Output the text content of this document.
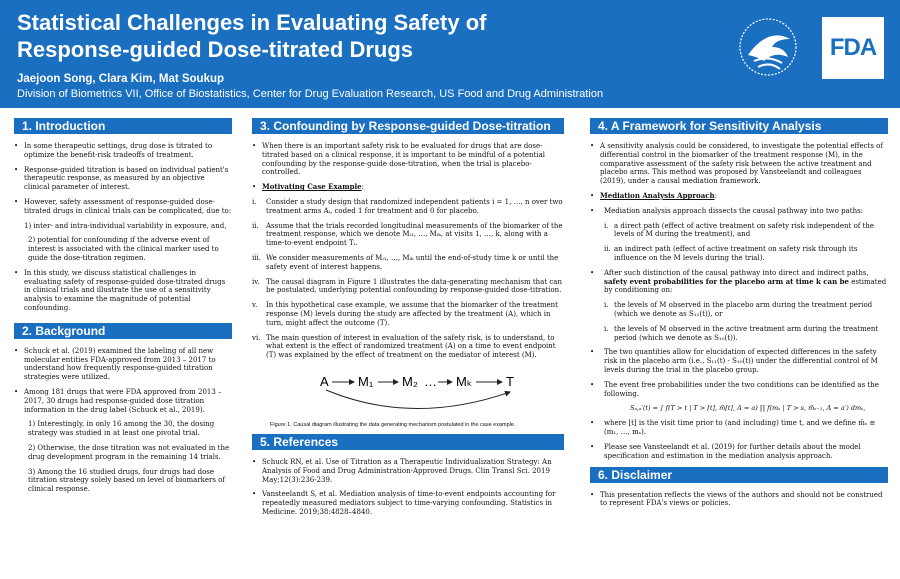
Statistical Challenges in Evaluating Safety of
Response-guided Dose-titrated Drugs
Jaejoon Song, Clara Kim, Mat Soukup
Division of Biometrics VII, Office of Biostatistics, Center for Drug Evaluation Research, US Food and Drug Administration
FDA
1. Introduction
• In some therapeutic settings, drug dose is titrated to optimize the benefit-risk tradeoffs of treatment.
• Response-guided titration is based on individual patient's therapeutic response, as measured by an objective clinical parameter of interest.
• However, safety assessment of response-guided dose-titrated drugs in clinical trials can be complicated, due to:
1) inter- and intra-individual variability in exposure, and,
2) potential for confounding if the adverse event of interest is associated with the clinical marker used to guide the dose-titration regimen.
• In this study, we discuss statistical challenges in evaluating safety of response-guided dose-titrated drugs in clinical trials and illustrate the use of a sensitivity analysis to examine the magnitude of potential confounding.
2. Background
• Schuck et al. (2019) examined the labeling of all new molecular entities FDA-approved from 2013 – 2017 to understand how frequently response-guided titration strategies were utilized.
• Among 181 drugs that were FDA approved from 2013 – 2017, 30 drugs had response-guided dose titration information in the drug label (Schuck et al., 2019).
1) Interestingly, in only 16 among the 30, the dosing strategy was studied in at least one pivotal trial.
2) Otherwise, the dose titration was not evaluated in the drug development program in the remaining 14 trials.
3) Among the 16 studied drugs, four drugs had dose titration strategy solely based on level of biomarkers of clinical response.
3. Confounding by Response-guided Dose-titration
• When there is an important safety risk to be evaluated for drugs that are dose-titrated based on a clinical response, it is important to be mindful of a potential confounding by the response-guide dose-titration, when the trial is placebo-controlled.
• Motivating Case Example:
i. Consider a study design that randomized independent patients i = 1, …, n over two treatment arms Aᵢ, coded 1 for treatment and 0 for placebo.
ii. Assume that the trials recorded longitudinal measurements of the biomarker of the treatment response, which we denote Mᵢ₁, …, Mᵢₖ, at visits 1, …, k, along with a time-to-event endpoint Tᵢ.
iii. We consider measurements of Mᵢ₁, …, Mᵢₖ until the end-of-study time k or until the safety event of interest happens.
iv. The causal diagram in Figure 1 illustrates the data-generating mechanism that can be postulated, underlying potential confounding by response-guided dose-titration.
v. In this hypothetical case example, we assume that the biomarker of the treatment response (M) levels during the study are affected by the treatment (A), which in turn, might affect the outcome (T).
vi. The main question of interest in evaluation of the safety risk, is to understand, to what extent is the effect of randomized treatment (A) on a time to event endpoint (T) was explained by the effect of treatment on the mediator of interest (M).
A M₁ M₂ … Mₖ	T
Figure 1. Causal diagram illustrating the data generating mechanism postulated in the case example.
5. References
• Schuck RN, et al. Use of Titration as a Therapeutic Individualization Strategy: An Analysis of Food and Drug Administration-Approved Drugs. Clin Transl Sci. 2019 May;12(3):236-239.
• Vansteelandt S, et al. Mediation analysis of time-to-event endpoints accounting for repeatedly measured mediators subject to time-varying confounding. Statistics in Medicine. 2019;38:4828–4840.
4. A Framework for Sensitivity Analysis
• A sensitivity analysis could be considered, to investigate the potential effects of differential control in the biomarker of the treatment response (M), in the comparative assessment of the safety risk between the active treatment and placebo arms. This method was proposed by Vansteelandt and colleagues (2019), under a causal mediation framework.
• Mediation Analysis Approach:
• Mediation analysis approach dissects the causal pathway into two paths:
i. a direct path (effect of active treatment on safety risk independent of the levels of M during the treatment), and
ii. an indirect path (effect of active treatment on safety risk through its influence on the M levels during the trial).
• After such distinction of the causal pathway into direct and indirect paths, safety event probabilities for the placebo arm at time k can be estimated by conditioning on:
i. the levels of M observed in the placebo arm during the treatment period (which we denote as S₁₁(t)), or
i. the levels of M observed in the active treatment arm during the treatment period (which we denote as S₁₀(t)).
• The two quantities allow for elucidation of expected differences in the safety risk in the placebo arm (i.e., S₁₁(t) - S₁₀(t)) under the differential control of M levels during the trial in the placebo group.
• The event free probabilities under the two conditions can be identified as the following.
Sₐ,ₐ′(t) = ∫ f(T > t | T > [t], m̄[t], A = a) ∏ f(mₛ | T > s, m̄ₛ₋₁, A = a′) dmₛ,
• where [t] is the visit time prior to (and including) time t, and we define m̄ₛ ≡ (m₁, …, mₛ).
• Please see Vansteelandt et al. (2019) for further details about the model specification and estimation in the mediation analysis approach.
6. Disclaimer
• This presentation reflects the views of the authors and should not be construed to represent FDA's views or policies.
